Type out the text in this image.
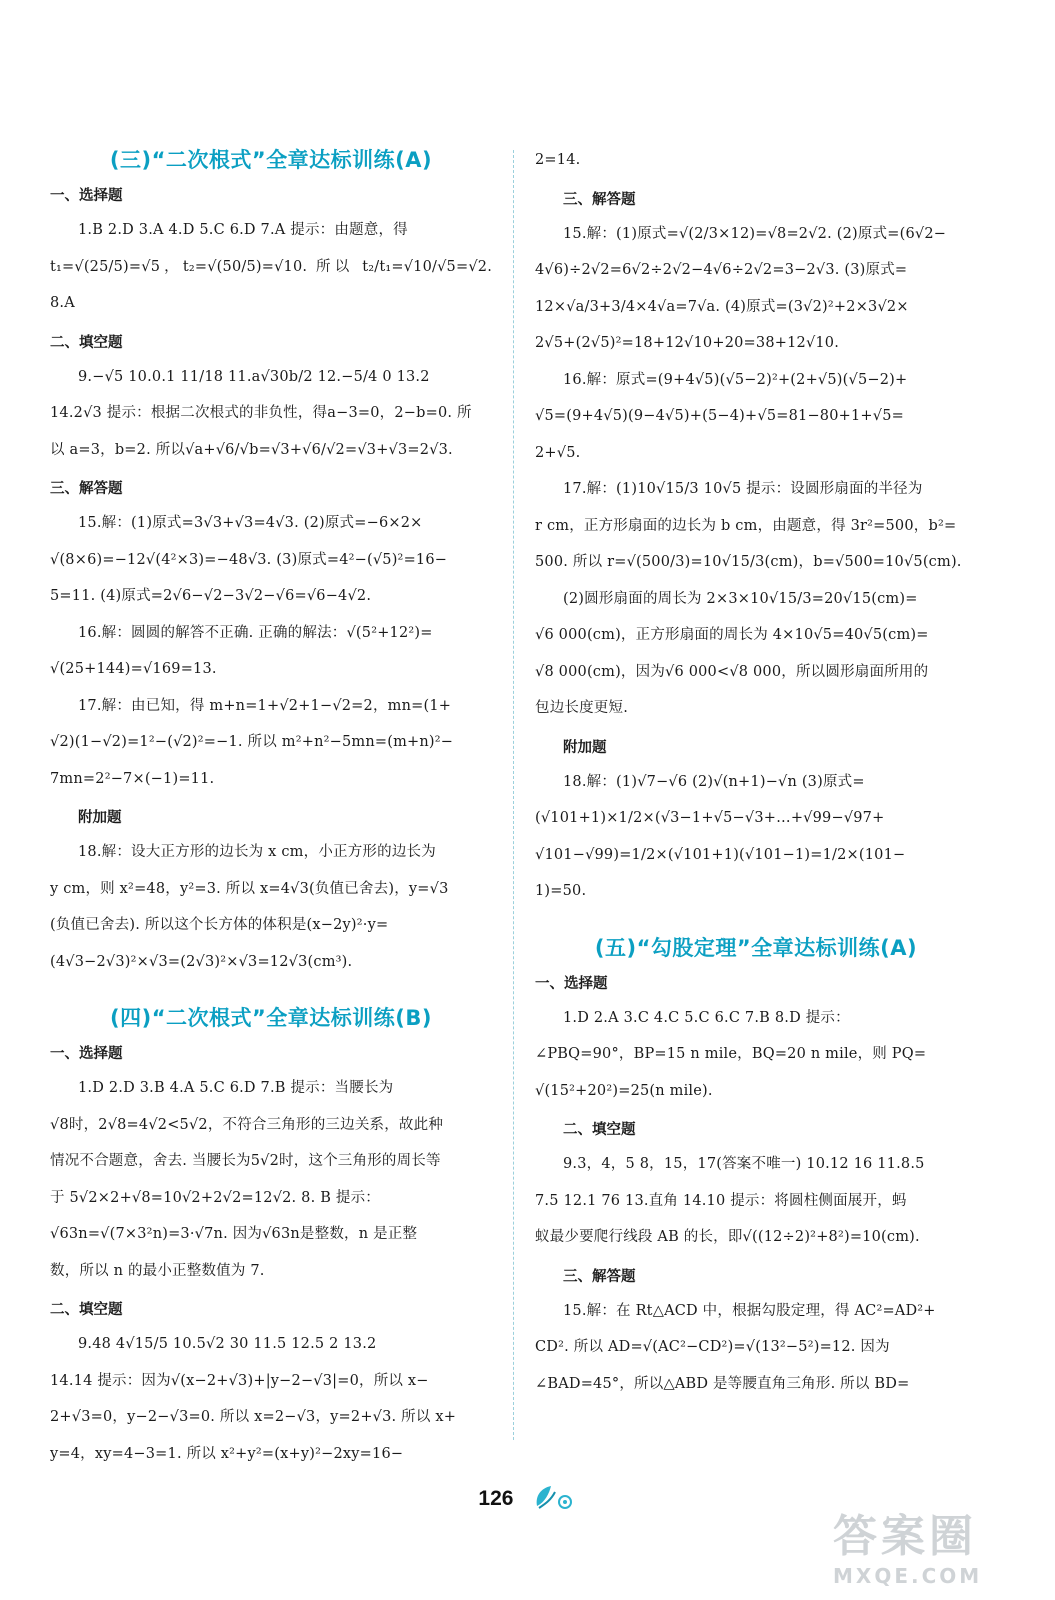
(三)“二次根式”全章达标训练(A)
一、选择题

1.B 2.D 3.A 4.D 5.C 6.D 7.A 提示：由题意，得

t₁=√(25/5)=√5，t₂=√(50/5)=√10. 所以 t₂/t₁=√10/√5=√2. 8.A

二、填空题

9.−√5 10.0.1 11/18 11.a√30b/2 12.−5/4 0 13.2

14.2√3 提示：根据二次根式的非负性，得a−3=0，2−b=0. 所

以 a=3，b=2. 所以√a+√6/√b=√3+√6/√2=√3+√3=2√3.

三、解答题

15.解：(1)原式=3√3+√3=4√3. (2)原式=−6×2×

√(8×6)=−12√(4²×3)=−48√3. (3)原式=4²−(√5)²=16−

5=11. (4)原式=2√6−√2−3√2−√6=√6−4√2.

16.解：圆圆的解答不正确. 正确的解法：√(5²+12²)=

√(25+144)=√169=13.

17.解：由已知，得 m+n=1+√2+1−√2=2，mn=(1+

√2)(1−√2)=1²−(√2)²=−1. 所以 m²+n²−5mn=(m+n)²−

7mn=2²−7×(−1)=11.

附加题

18.解：设大正方形的边长为 x cm，小正方形的边长为

y cm，则 x²=48，y²=3. 所以 x=4√3(负值已舍去)，y=√3

(负值已舍去). 所以这个长方体的体积是(x−2y)²·y=

(4√3−2√3)²×√3=(2√3)²×√3=12√3(cm³).

(四)“二次根式”全章达标训练(B)
一、选择题

1.D 2.D 3.B 4.A 5.C 6.D 7.B 提示：当腰长为

√8时，2√8=4√2<5√2，不符合三角形的三边关系，故此种

情况不合题意，舍去. 当腰长为5√2时，这个三角形的周长等

于 5√2×2+√8=10√2+2√2=12√2. 8. B 提示：

√63n=√(7×3²n)=3·√7n. 因为√63n是整数，n 是正整

数，所以 n 的最小正整数值为 7.

二、填空题

9.48 4√15/5 10.5√2 30 11.5 12.5 2 13.2

14.14 提示：因为√(x−2+√3)+|y−2−√3|=0，所以 x−

2+√3=0，y−2−√3=0. 所以 x=2−√3，y=2+√3. 所以 x+

y=4，xy=4−3=1. 所以 x²+y²=(x+y)²−2xy=16−

2=14.

三、解答题

15.解：(1)原式=√(2/3×12)=√8=2√2. (2)原式=(6√2−

4√6)÷2√2=6√2÷2√2−4√6÷2√2=3−2√3. (3)原式=

12×√a/3+3/4×4√a=7√a. (4)原式=(3√2)²+2×3√2×

2√5+(2√5)²=18+12√10+20=38+12√10.

16.解：原式=(9+4√5)(√5−2)²+(2+√5)(√5−2)+

√5=(9+4√5)(9−4√5)+(5−4)+√5=81−80+1+√5=

2+√5.

17.解：(1)10√15/3 10√5 提示：设圆形扇面的半径为

r cm，正方形扇面的边长为 b cm，由题意，得 3r²=500，b²=

500. 所以 r=√(500/3)=10√15/3(cm)，b=√500=10√5(cm).

(2)圆形扇面的周长为 2×3×10√15/3=20√15(cm)=

√6 000(cm)，正方形扇面的周长为 4×10√5=40√5(cm)=

√8 000(cm)，因为√6 000<√8 000，所以圆形扇面所用的

包边长度更短.

附加题

18.解：(1)√7−√6 (2)√(n+1)−√n (3)原式=

(√101+1)×1/2×(√3−1+√5−√3+…+√99−√97+

√101−√99)=1/2×(√101+1)(√101−1)=1/2×(101−

1)=50.

(五)“勾股定理”全章达标训练(A)
一、选择题

1.D 2.A 3.C 4.C 5.C 6.C 7.B 8.D 提示：

∠PBQ=90°，BP=15 n mile，BQ=20 n mile，则 PQ=

√(15²+20²)=25(n mile).

二、填空题

9.3，4，5 8，15，17(答案不唯一) 10.12 16 11.8.5

7.5 12.1 76 13.直角 14.10 提示：将圆柱侧面展开，蚂

蚁最少要爬行线段 AB 的长，即√((12÷2)²+8²)=10(cm).

三、解答题

15.解：在 Rt△ACD 中，根据勾股定理，得 AC²=AD²+

CD². 所以 AD=√(AC²−CD²)=√(13²−5²)=12. 因为

∠BAD=45°，所以△ABD 是等腰直角三角形. 所以 BD=

126
答案圈
MXQE.COM
